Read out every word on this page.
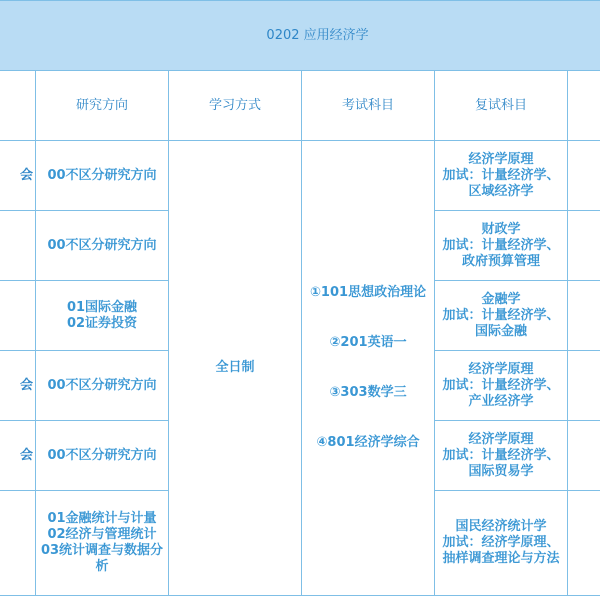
0202 应用经济学					
	研究方向	学习方式	考试科目	复试科目	
会	00不区分研究方向	全日制	①101思想政治理论

②201英语一

③303数学三

④801经济学综合	经济学原理
加试：计量经济学、
区域经济学	
	00不区分研究方向			财政学
加试：计量经济学、
政府预算管理	
	01国际金融
02证券投资			金融学
加试：计量经济学、
国际金融	
会	00不区分研究方向			经济学原理
加试：计量经济学、
产业经济学	
会	00不区分研究方向			经济学原理
加试：计量经济学、
国际贸易学	
	01金融统计与计量
02经济与管理统计
03统计调查与数据分析			国民经济统计学
加试：经济学原理、
抽样调查理论与方法	
